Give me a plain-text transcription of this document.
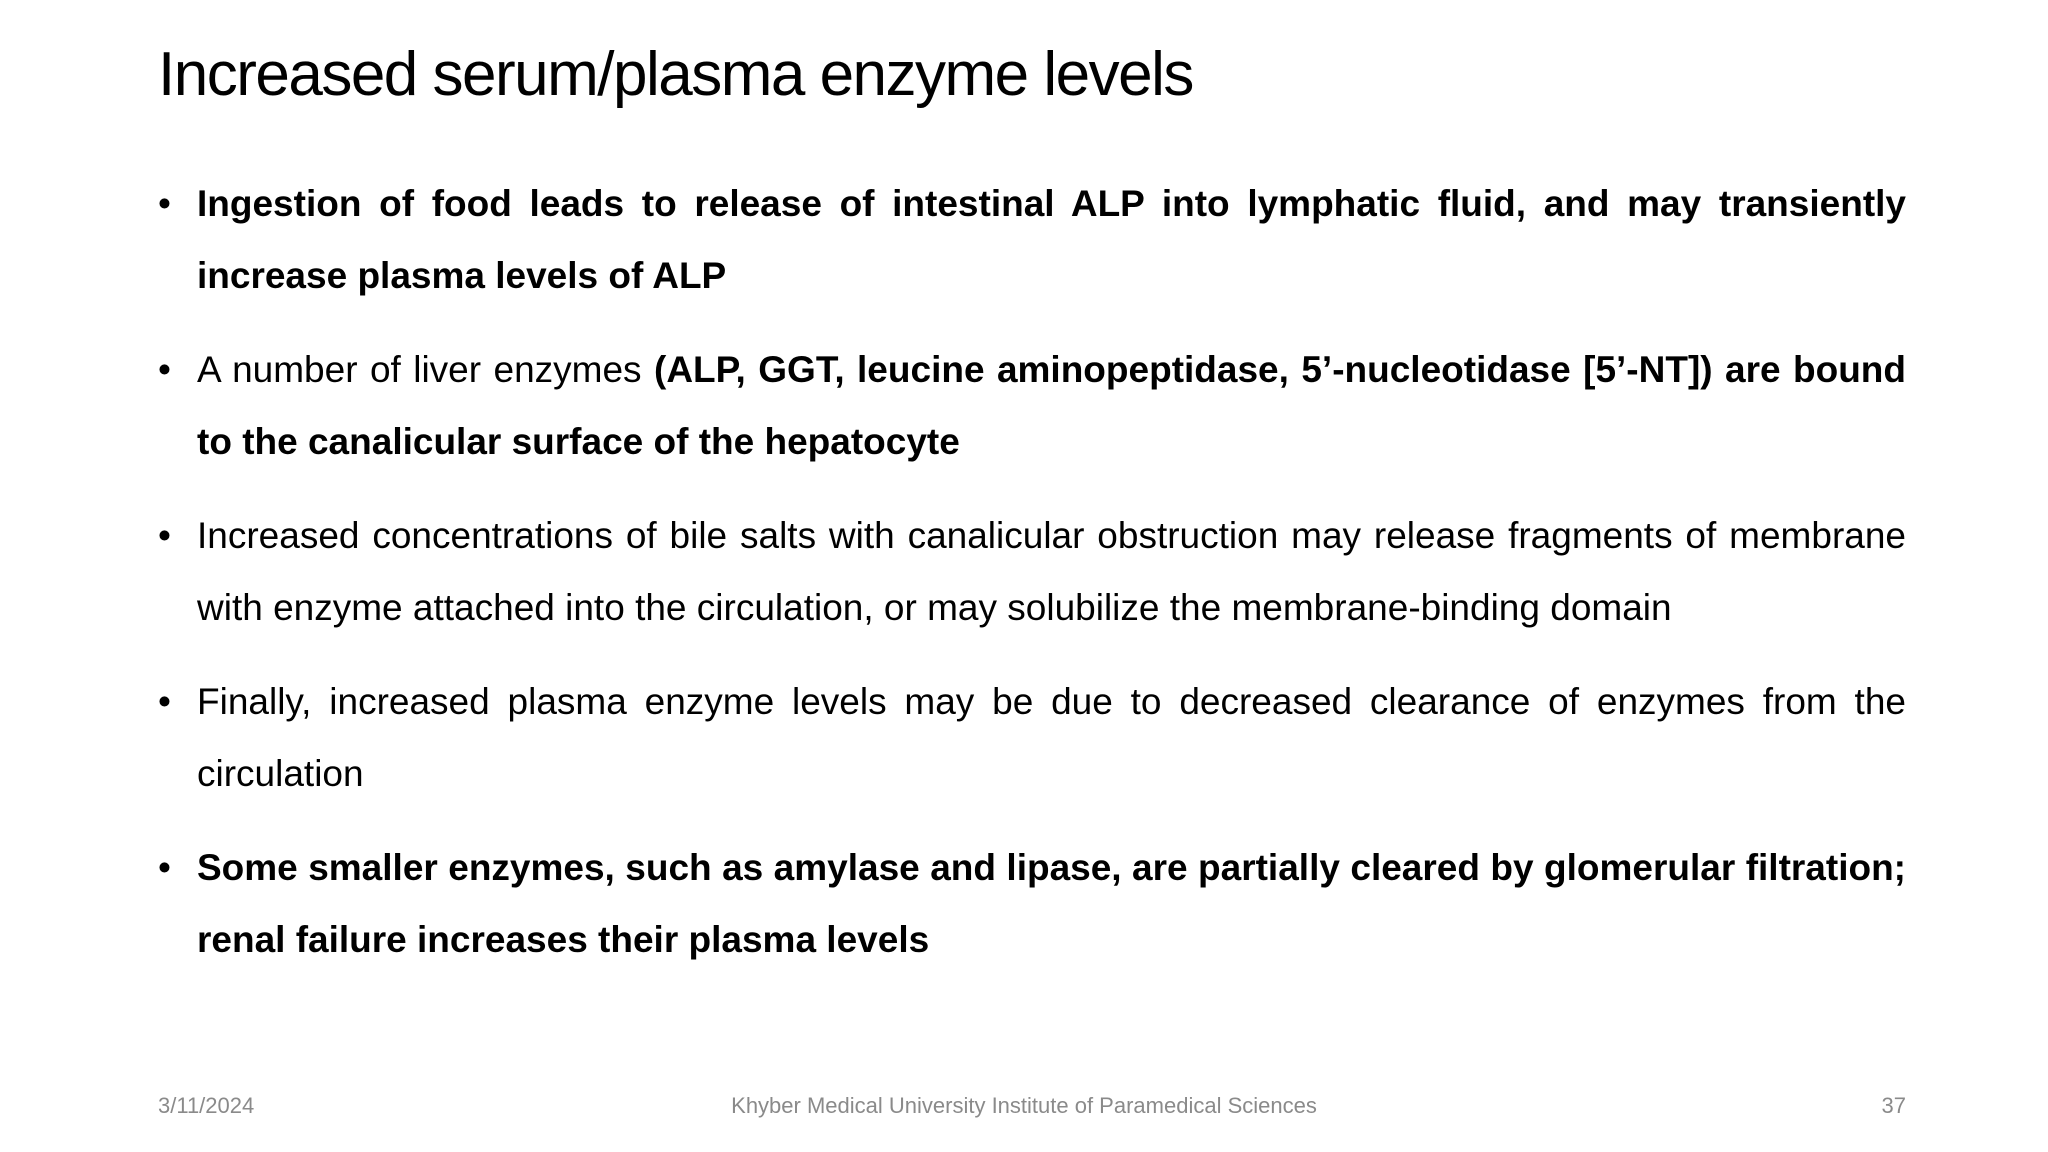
Increased serum/plasma enzyme levels
• Ingestion of food leads to release of intestinal ALP into lymphatic fluid, and may transiently increase plasma levels of ALP
• A number of liver enzymes (ALP, GGT, leucine aminopeptidase, 5’-nucleotidase [5’-NT]) are bound to the canalicular surface of the hepatocyte
• Increased concentrations of bile salts with canalicular obstruction may release fragments of membrane with enzyme attached into the circulation, or may solubilize the membrane-binding domain
• Finally, increased plasma enzyme levels may be due to decreased clearance of enzymes from the circulation
• Some smaller enzymes, such as amylase and lipase, are partially cleared by glomerular filtration; renal failure increases their plasma levels
3/11/2024	Khyber Medical University Institute of Paramedical Sciences	37
